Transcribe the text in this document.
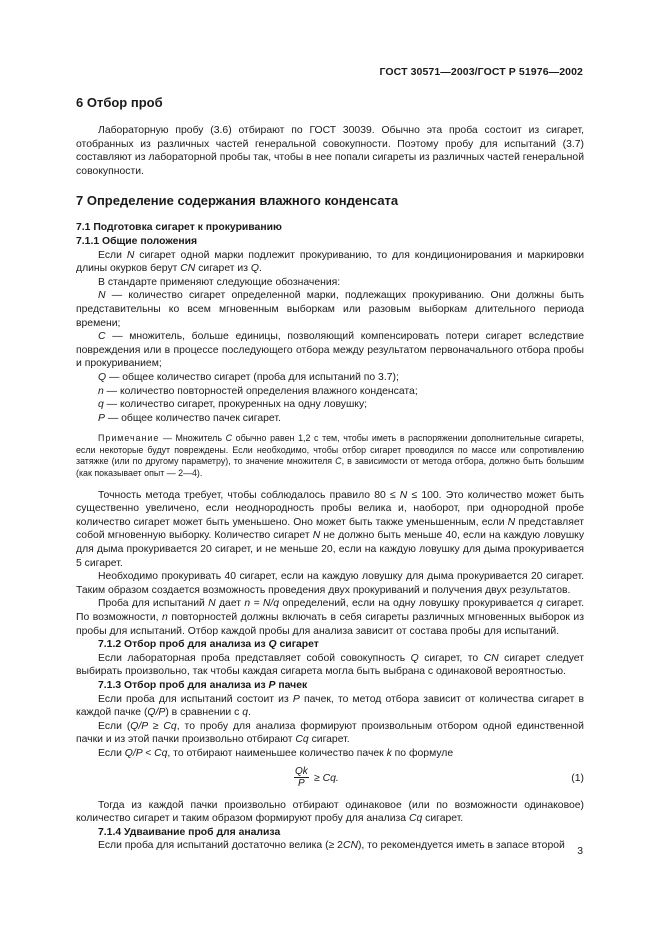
ГОСТ 30571—2003/ГОСТ Р 51976—2002

6 Отбор проб

Лабораторную пробу (3.6) отбирают по ГОСТ 30039. Обычно эта проба состоит из сигарет, отобранных из различных частей генеральной совокупности. Поэтому пробу для испытаний (3.7) составляют из лабораторной пробы так, чтобы в нее попали сигареты из различных частей генеральной совокупности.

7 Определение содержания влажного конденсата

7.1 Подготовка сигарет к прокуриванию

7.1.1 Общие положения

Если N сигарет одной марки подлежит прокуриванию, то для кондиционирования и маркировки длины окурков берут CN сигарет из Q.

В стандарте применяют следующие обозначения:

N — количество сигарет определенной марки, подлежащих прокуриванию. Они должны быть представительны ко всем мгновенным выборкам или разовым выборкам длительного периода времени;

C — множитель, больше единицы, позволяющий компенсировать потери сигарет вследствие повреждения или в процессе последующего отбора между результатом первоначального отбора пробы и прокуриванием;

Q — общее количество сигарет (проба для испытаний по 3.7);

n — количество повторностей определения влажного конденсата;

q — количество сигарет, прокуренных на одну ловушку;

P — общее количество пачек сигарет.

Примечание — Множитель C обычно равен 1,2 с тем, чтобы иметь в распоряжении дополнительные сигареты, если некоторые будут повреждены. Если необходимо, чтобы отбор сигарет проводился по массе или сопротивлению затяжке (или по другому параметру), то значение множителя C, в зависимости от метода отбора, должно быть большим (как показывает опыт — 2—4).

Точность метода требует, чтобы соблюдалось правило 80 ≤ N ≤ 100. Это количество может быть существенно увеличено, если неоднородность пробы велика и, наоборот, при однородной пробе количество сигарет может быть уменьшено. Оно может быть также уменьшенным, если N представляет собой мгновенную выборку. Количество сигарет N не должно быть меньше 40, если на каждую ловушку для дыма прокуривается 20 сигарет, и не меньше 20, если на каждую ловушку для дыма прокуривается 5 сигарет.

Необходимо прокуривать 40 сигарет, если на каждую ловушку для дыма прокуривается 20 сигарет. Таким образом создается возможность проведения двух прокуриваний и получения двух результатов.

Проба для испытаний N дает n = N/q определений, если на одну ловушку прокуривается q сигарет. По возможности, n повторностей должны включать в себя сигареты различных мгновенных выборок из пробы для испытаний. Отбор каждой пробы для анализа зависит от состава пробы для испытаний.

7.1.2 Отбор проб для анализа из Q сигарет

Если лабораторная проба представляет собой совокупность Q сигарет, то CN сигарет следует выбирать произвольно, так чтобы каждая сигарета могла быть выбрана с одинаковой вероятностью.

7.1.3 Отбор проб для анализа из P пачек

Если проба для испытаний состоит из P пачек, то метод отбора зависит от количества сигарет в каждой пачке (Q/P) в сравнении с q.

Если (Q/P ≥ Cq, то пробу для анализа формируют произвольным отбором одной единственной пачки и из этой пачки произвольно отбирают Cq сигарет.

Если Q/P < Cq, то отбирают наименьшее количество пачек k по формуле

$\frac{Qk}{P} \ge Cq$.	(1)

Тогда из каждой пачки произвольно отбирают одинаковое (или по возможности одинаковое) количество сигарет и таким образом формируют пробу для анализа Cq сигарет.

7.1.4 Удваивание проб для анализа

Если проба для испытаний достаточно велика (≥ 2CN), то рекомендуется иметь в запасе второй

3
